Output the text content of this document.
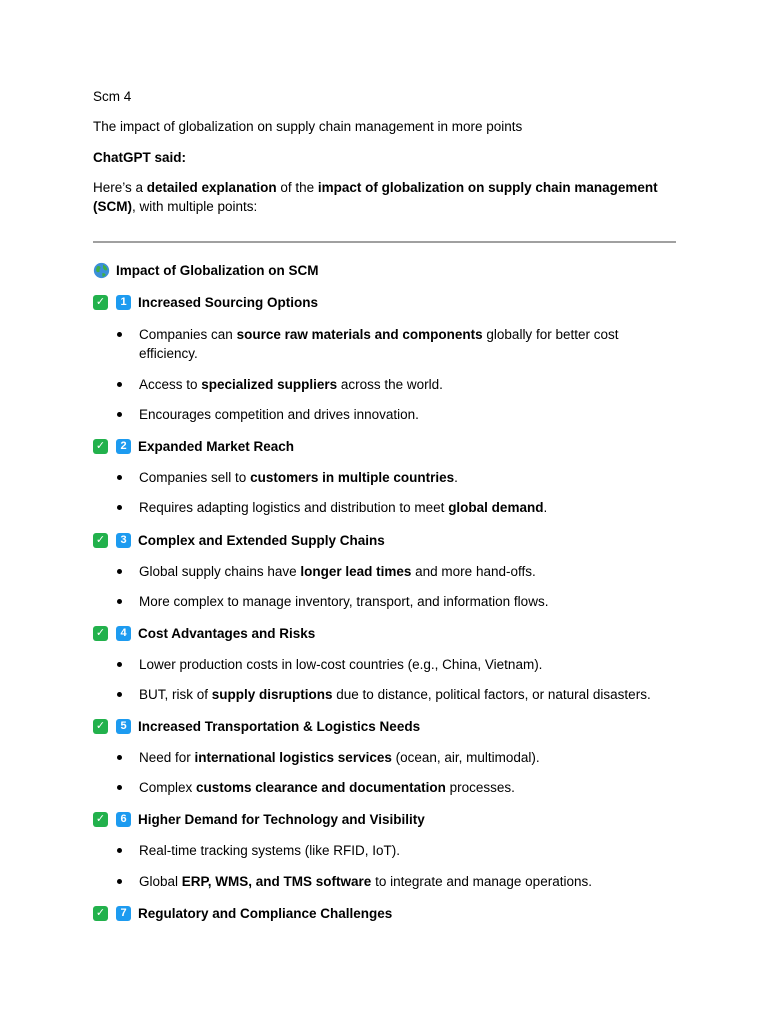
Scm 4
The impact of globalization on supply chain management in more points
ChatGPT said:
Here’s a detailed explanation of the impact of globalization on supply chain management (SCM), with multiple points:
Impact of Globalization on SCM
✓	1 Increased Sourcing Options
Companies can source raw materials and components globally for better cost efficiency.
Access to specialized suppliers across the world.
Encourages competition and drives innovation.
✓	2 Expanded Market Reach
Companies sell to customers in multiple countries.
Requires adapting logistics and distribution to meet global demand.
✓	3 Complex and Extended Supply Chains
Global supply chains have longer lead times and more hand-offs.
More complex to manage inventory, transport, and information flows.
✓	4 Cost Advantages and Risks
Lower production costs in low-cost countries (e.g., China, Vietnam).
BUT, risk of supply disruptions due to distance, political factors, or natural disasters.
✓	5 Increased Transportation & Logistics Needs
Need for international logistics services (ocean, air, multimodal).
Complex customs clearance and documentation processes.
✓	6 Higher Demand for Technology and Visibility
Real-time tracking systems (like RFID, IoT).
Global ERP, WMS, and TMS software to integrate and manage operations.
✓	7 Regulatory and Compliance Challenges
